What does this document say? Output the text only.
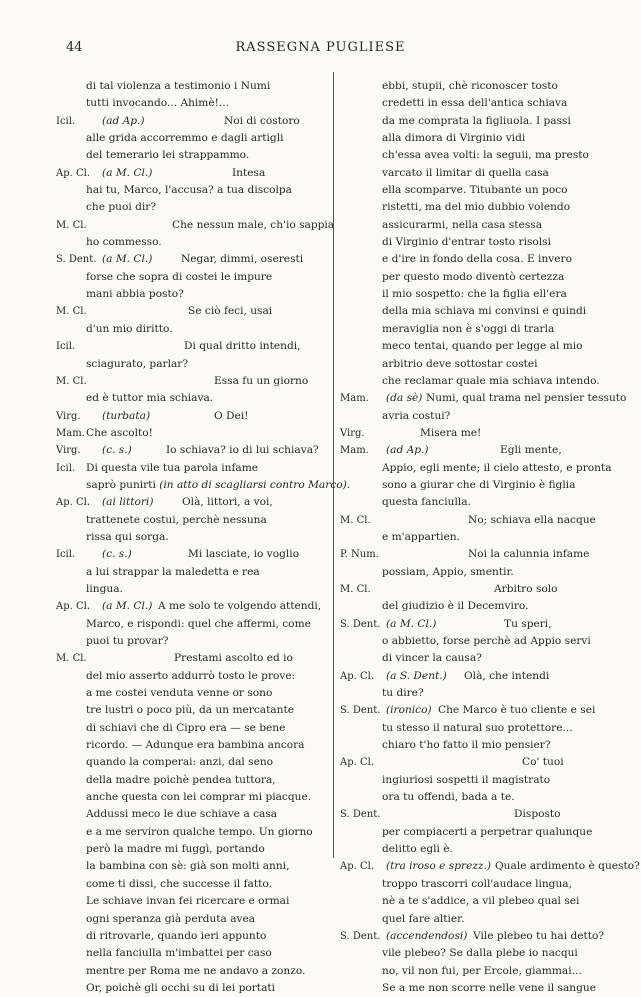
44	RASSEGNA PUGLIESE
di tal violenza a testimonio i Numi
tutti invocando... Ahimè!...
Icil.	(ad Ap.)	Noi di costoro
alle grida accorremmo e dagli artigli
del temerario lei strappammo.
Ap. Cl. (a M. Cl.)	Intesa
hai tu, Marco, l'accusa? a tua discolpa
che puoi dir?
M. Cl.	Che nessun male, ch'io sappia
ho commesso.
S. Dent. (a M. Cl.)	Negar, dimmi, oseresti
forse che sopra di costei le impure
mani abbia posto?
M. Cl.	Se ciò feci, usai
d'un mio diritto.
Icil.	Di qual dritto intendi,
sciagurato, parlar?
M. Cl.	Essa fu un giorno
ed è tuttor mia schiava.
Virg. (turbata)	O Dei!
Mam. Che ascolto!
Virg. (c. s.)	Io schiava? io di lui schiava?
Icil. Di questa vile tua parola infame
saprò punirti (in atto di scagliarsi contro Marco).
Ap. Cl. (ai littori)	Olà, littori, a voi,
trattenete costui, perchè nessuna
rissa qui sorga.
Icil.	(c. s.)	Mi lasciate, io voglio
a lui strappar la maledetta e rea
lingua.
Ap. Cl. (a M. Cl.) A me solo te volgendo attendi,
Marco, e rispondi: quel che affermi, come
puoi tu provar?
M. Cl.	Prestami ascolto ed io
del mio asserto addurrò tosto le prove:
a me costei venduta venne or sono
tre lustri o poco più, da un mercatante
di schiavi che di Cipro era — se bene
ricordo. — Adunque era bambina ancora
quando la comperai: anzi, dal seno
della madre poichè pendea tuttora,
anche questa con lei comprar mi piacque.
Addussi meco le due schiave a casa
e a me serviron qualche tempo. Un giorno
però la madre mi fuggì, portando
la bambina con sè: già son molti anni,
come ti dissi, che successe il fatto.
Le schiave invan fei ricercare e ormai
ogni speranza già perduta avea
di ritrovarle, quando ieri appunto
nella fanciulla m'imbattei per caso
mentre per Roma me ne andavo a zonzo.
Or, poichè gli occhi su di lei portati
ebbi, stupii, chè riconoscer tosto
credetti in essa dell'antica schiava
da me comprata la figliuola. I passi
alla dimora di Virginio vidi
ch'essa avea volti: la seguii, ma presto
varcato il limitar di quella casa
ella scomparve. Titubante un poco
ristetti, ma del mio dubbio volendo
assicurarmi, nella casa stessa
di Virginio d'entrar tosto risolsi
e d'ire in fondo della cosa. E invero
per questo modo diventò certezza
il mio sospetto: che la figlia ell'era
della mia schiava mi convinsi e quindi
meraviglia non è s'oggi di trarla
meco tentai, quando per legge al mio
arbitrio deve sottostar costei
che reclamar quale mia schiava intendo.
Mam. (da sè) Numi, qual trama nel pensier tessuto
avria costui?
Virg.	Misera me!
Mam. (ad Ap.)	Egli mente,
Appio, egli mente; il cielo attesto, e pronta
sono a giurar che di Virginio è figlia
questa fanciulla.
M. Cl.	No; schiava ella nacque
e m'appartien.
P. Num.	Noi la calunnia infame
possiam, Appio, smentir.
M. Cl.	Arbitro solo
del giudizio è il Decemviro.
S. Dent. (a M. Cl.)	Tu speri,
o abbietto, forse perchè ad Appio servi
di vincer la causa?
Ap. Cl. (a S. Dent.) Olà, che intendi
tu dire?
S. Dent. (ironico) Che Marco è tuo cliente e sei
tu stesso il natural suo protettore...
chiaro t'ho fatto il mio pensier?
Ap. Cl.	Co' tuoi
ingiuriosi sospetti il magistrato
ora tu offendi, bada a te.
S. Dent.	Disposto
per compiacerti a perpetrar qualunque
delitto egli è.
Ap. Cl. (tra iroso e sprezz.) Quale ardimento è questo?
troppo trascorri coll'audace lingua,
nè a te s'addice, a vil plebeo qual sei
quel fare altier.
S. Dent. (accendendosi) Vile plebeo tu hai detto?
vile plebeo? Se dalla plebe io nacqui
no, vil non fui, per Ercole, giammai...
Se a me non scorre nelle vene il sangue
